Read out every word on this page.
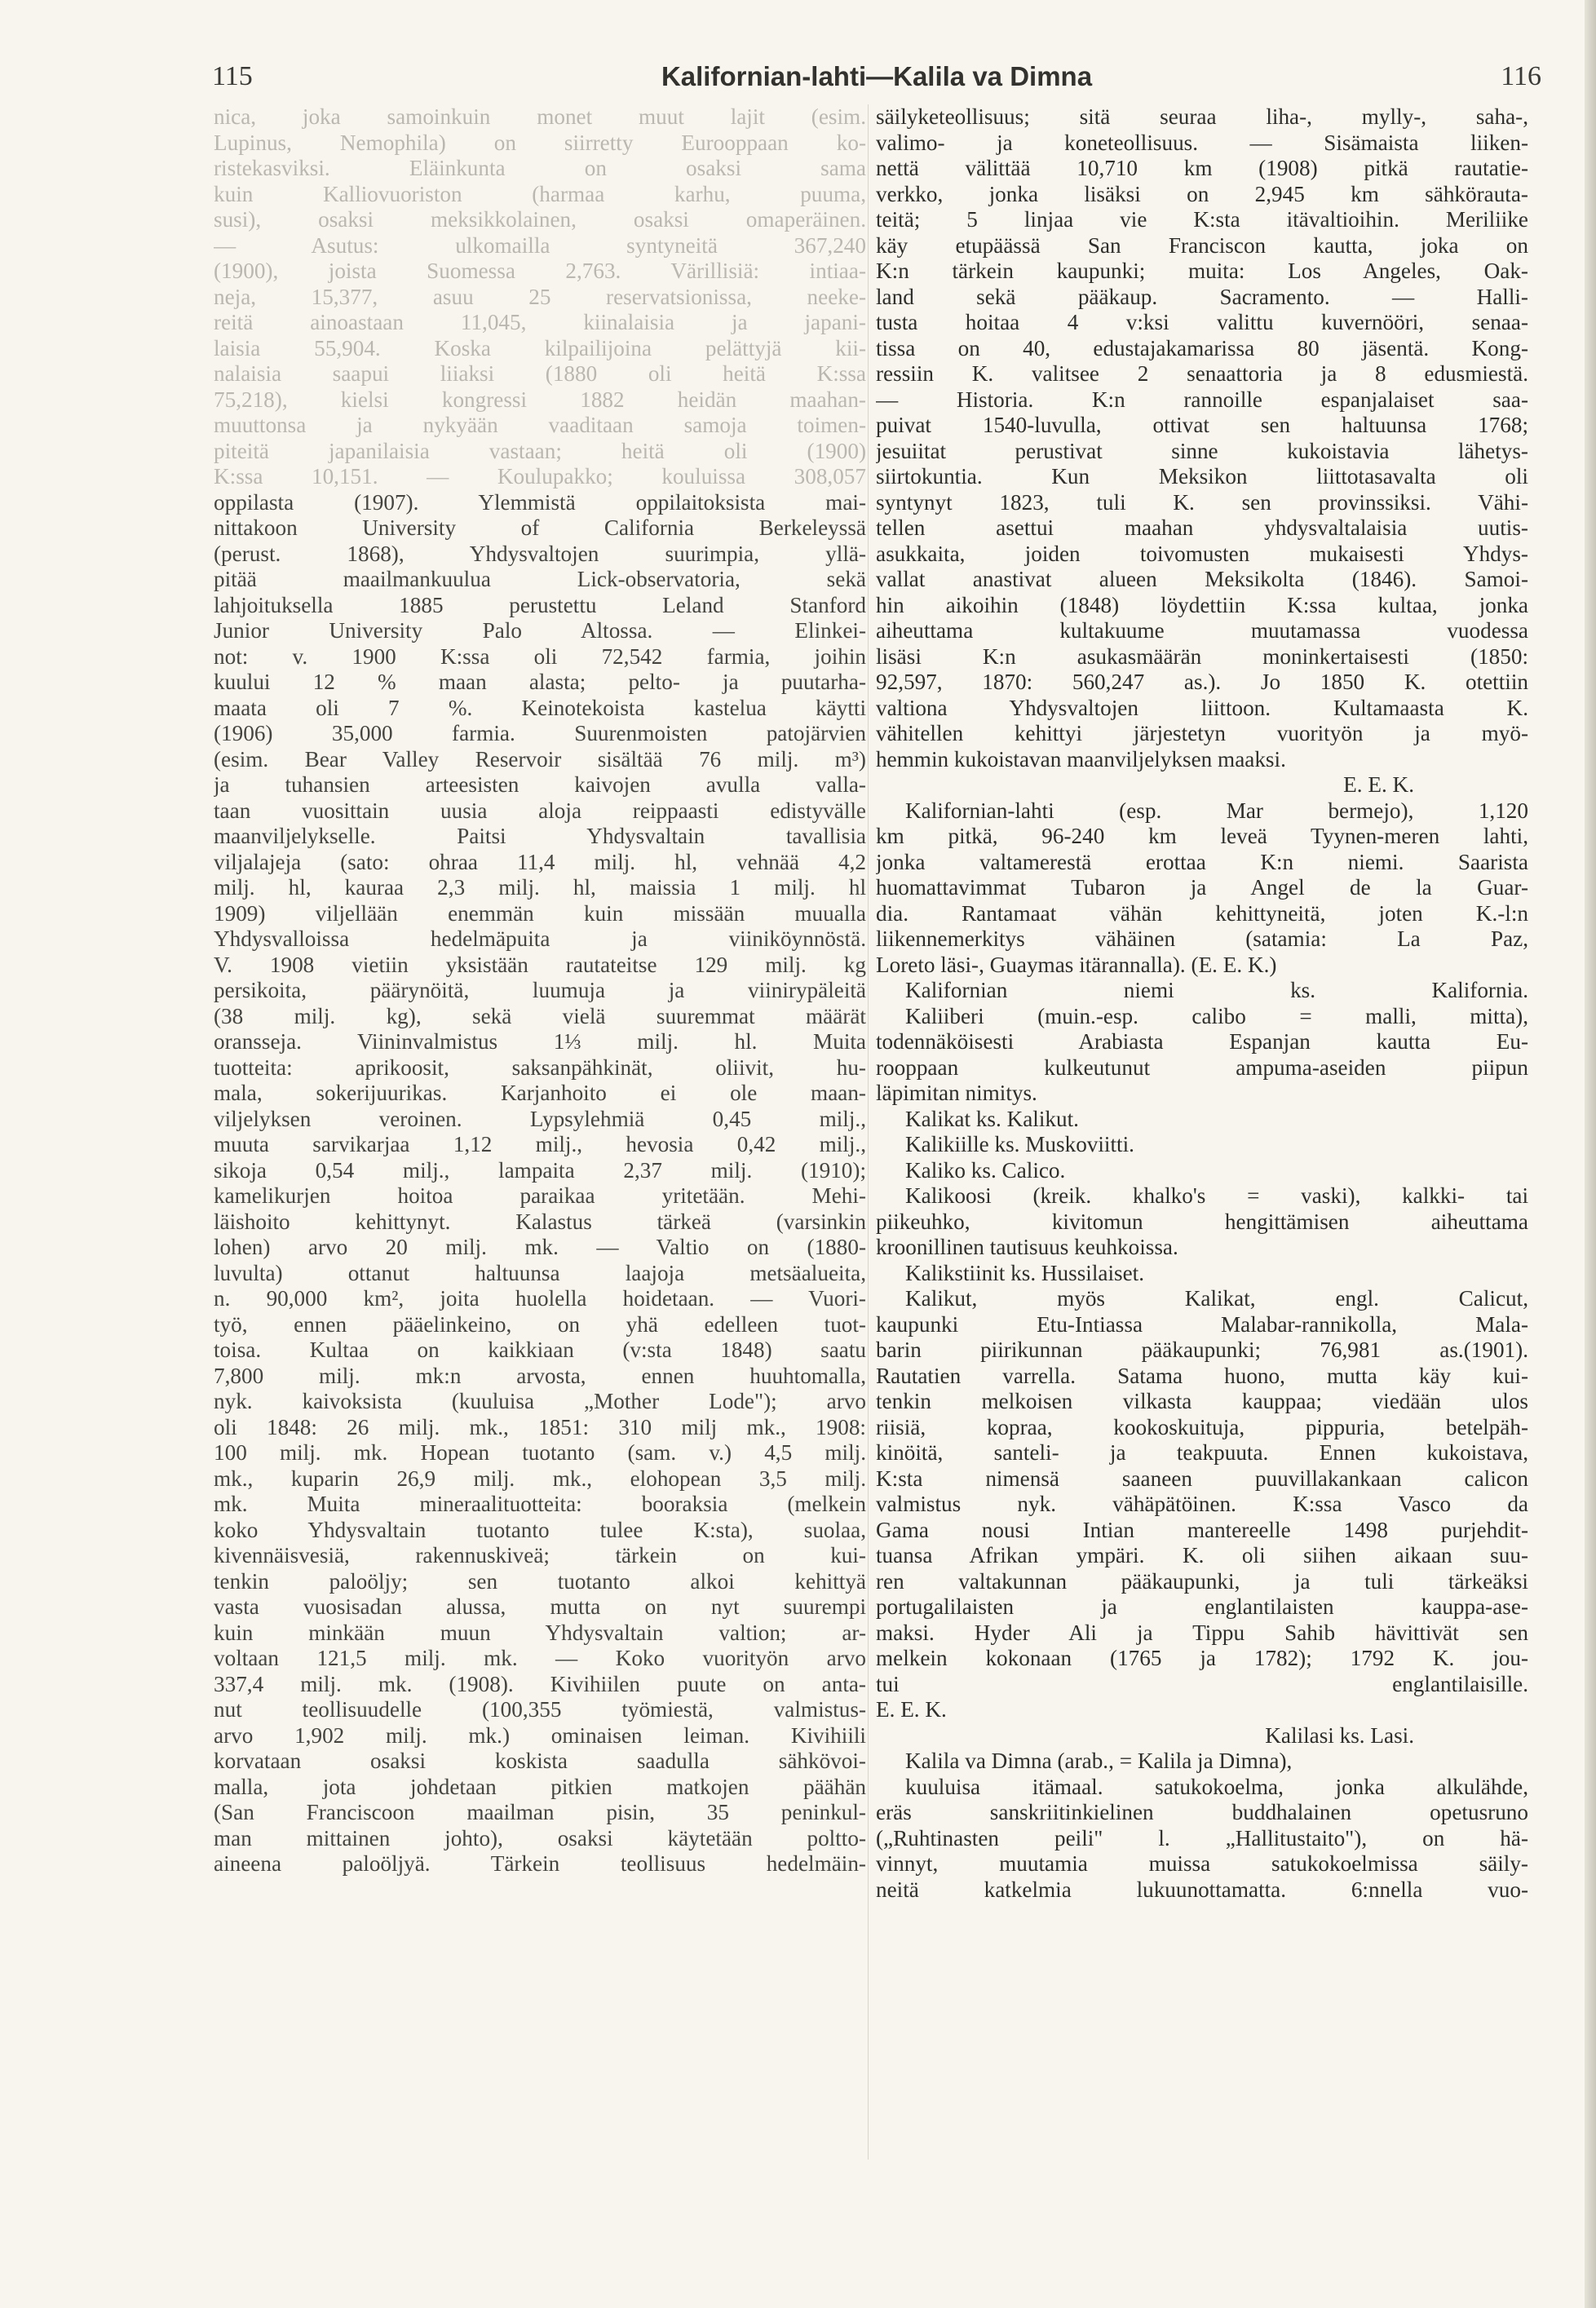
115	Kalifornian-lahti—Kalila va Dimna	116
nica, joka samoinkuin monet muut lajit (esim.
Lupinus, Nemophila) on siirretty Eurooppaan ko-
ristekasviksi. Eläinkunta on osaksi sama
kuin Kalliovuoriston (harmaa karhu, puuma,
susi), osaksi meksikkolainen, osaksi omaperäinen.
— Asutus: ulkomailla syntyneitä 367,240
(1900), joista Suomessa 2,763. Värillisiä: intiaa-
neja, 15,377, asuu 25 reservatsionissa, neeke-
reitä ainoastaan 11,045, kiinalaisia ja japani-
laisia 55,904. Koska kilpailijoina pelättyjä kii-
nalaisia saapui liiaksi (1880 oli heitä K:ssa
75,218), kielsi kongressi 1882 heidän maahan-
muuttonsa ja nykyään vaaditaan samoja toimen-
piteitä japanilaisia vastaan; heitä oli (1900)
K:ssa 10,151. — Koulupakko; kouluissa 308,057
oppilasta (1907). Ylemmistä oppilaitoksista mai-
nittakoon University of California Berkeleyssä
(perust. 1868), Yhdysvaltojen suurimpia, yllä-
pitää maailmankuulua Lick-observatoria, sekä
lahjoituksella 1885 perustettu Leland Stanford
Junior University Palo Altossa. — Elinkei-
not: v. 1900 K:ssa oli 72,542 farmia, joihin
kuului 12 % maan alasta; pelto- ja puutarha-
maata oli 7 %. Keinotekoista kastelua käytti
(1906) 35,000 farmia. Suurenmoisten patojärvien
(esim. Bear Valley Reservoir sisältää 76 milj. m³)
ja tuhansien arteesisten kaivojen avulla valla-
taan vuosittain uusia aloja reippaasti edistyvälle
maanviljelykselle. Paitsi Yhdysvaltain tavallisia
viljalajeja (sato: ohraa 11,4 milj. hl, vehnää 4,2
milj. hl, kauraa 2,3 milj. hl, maissia 1 milj. hl
1909) viljellään enemmän kuin missään muualla
Yhdysvalloissa hedelmäpuita ja viiniköynnöstä.
V. 1908 vietiin yksistään rautateitse 129 milj. kg
persikoita, päärynöitä, luumuja ja viinirypäleitä
(38 milj. kg), sekä vielä suuremmat määrät
oransseja. Viininvalmistus 1⅓ milj. hl. Muita
tuotteita: aprikoosit, saksanpähkinät, oliivit, hu-
mala, sokerijuurikas. Karjanhoito ei ole maan-
viljelyksen veroinen. Lypsylehmiä 0,45 milj.,
muuta sarvikarjaa 1,12 milj., hevosia 0,42 milj.,
sikoja 0,54 milj., lampaita 2,37 milj. (1910);
kamelikurjen hoitoa paraikaa yritetään. Mehi-
läishoito kehittynyt. Kalastus tärkeä (varsinkin
lohen) arvo 20 milj. mk. — Valtio on (1880-
luvulta) ottanut haltuunsa laajoja metsäalueita,
n. 90,000 km², joita huolella hoidetaan. — Vuori-
työ, ennen pääelinkeino, on yhä edelleen tuot-
toisa. Kultaa on kaikkiaan (v:sta 1848) saatu
7,800 milj. mk:n arvosta, ennen huuhtomalla,
nyk. kaivoksista (kuuluisa „Mother Lode"); arvo
oli 1848: 26 milj. mk., 1851: 310 milj mk., 1908:
100 milj. mk. Hopean tuotanto (sam. v.) 4,5 milj.
mk., kuparin 26,9 milj. mk., elohopean 3,5 milj.
mk. Muita mineraalituotteita: booraksia (melkein
koko Yhdysvaltain tuotanto tulee K:sta), suolaa,
kivennäisvesiä, rakennuskiveä; tärkein on kui-
tenkin paloöljy; sen tuotanto alkoi kehittyä
vasta vuosisadan alussa, mutta on nyt suurempi
kuin minkään muun Yhdysvaltain valtion; ar-
voltaan 121,5 milj. mk. — Koko vuorityön arvo
337,4 milj. mk. (1908). Kivihiilen puute on anta-
nut teollisuudelle (100,355 työmiestä, valmistus-
arvo 1,902 milj. mk.) ominaisen leiman. Kivihiili
korvataan osaksi koskista saadulla sähkövoi-
malla, jota johdetaan pitkien matkojen päähän
(San Franciscoon maailman pisin, 35 peninkul-
man mittainen johto), osaksi käytetään poltto-
aineena paloöljyä. Tärkein teollisuus hedelmäin-
säilyketeollisuus; sitä seuraa liha-, mylly-, saha-,
valimo- ja koneteollisuus. — Sisämaista liiken-
nettä välittää 10,710 km (1908) pitkä rautatie-
verkko, jonka lisäksi on 2,945 km sähkörauta-
teitä; 5 linjaa vie K:sta itävaltioihin. Meriliike
käy etupäässä San Franciscon kautta, joka on
K:n tärkein kaupunki; muita: Los Angeles, Oak-
land sekä pääkaup. Sacramento. — Halli-
tusta hoitaa 4 v:ksi valittu kuvernööri, senaa-
tissa on 40, edustajakamarissa 80 jäsentä. Kong-
ressiin K. valitsee 2 senaattoria ja 8 edusmiestä.
— Historia. K:n rannoille espanjalaiset saa-
puivat 1540-luvulla, ottivat sen haltuunsa 1768;
jesuiitat perustivat sinne kukoistavia lähetys-
siirtokuntia. Kun Meksikon liittotasavalta oli
syntynyt 1823, tuli K. sen provinssiksi. Vähi-
tellen asettui maahan yhdysvaltalaisia uutis-
asukkaita, joiden toivomusten mukaisesti Yhdys-
vallat anastivat alueen Meksikolta (1846). Samoi-
hin aikoihin (1848) löydettiin K:ssa kultaa, jonka
aiheuttama kultakuume muutamassa vuodessa
lisäsi K:n asukasmäärän moninkertaisesti (1850:
92,597, 1870: 560,247 as.). Jo 1850 K. otettiin
valtiona Yhdysvaltojen liittoon. Kultamaasta K.
vähitellen kehittyi järjestetyn vuorityön ja myö-
hemmin kukoistavan maanviljelyksen maaksi.
E. E. K.
Kalifornian-lahti (esp. Mar bermejo), 1,120
km pitkä, 96-240 km leveä Tyynen-meren lahti,
jonka valtamerestä erottaa K:n niemi. Saarista
huomattavimmat Tubaron ja Angel de la Guar-
dia. Rantamaat vähän kehittyneitä, joten K.-l:n
liikennemerkitys vähäinen (satamia: La Paz,
Loreto läsi-, Guaymas itärannalla). (E. E. K.)
Kalifornian niemi ks. Kalifornia.
Kaliiberi (muin.-esp. calibo = malli, mitta),
todennäköisesti Arabiasta Espanjan kautta Eu-
rooppaan kulkeutunut ampuma-aseiden piipun
läpimitan nimitys.
Kalikat ks. Kalikut.
Kalikiille ks. Muskoviitti.
Kaliko ks. Calico.
Kalikoosi (kreik. khalko's = vaski), kalkki- tai
piikeuhko, kivitomun hengittämisen aiheuttama
kroonillinen tautisuus keuhkoissa.
Kalikstiinit ks. Hussilaiset.
Kalikut, myös Kalikat, engl. Calicut,
kaupunki Etu-Intiassa Malabar-rannikolla, Mala-
barin piirikunnan pääkaupunki; 76,981 as.(1901).
Rautatien varrella. Satama huono, mutta käy kui-
tenkin melkoisen vilkasta kauppaa; viedään ulos
riisiä, kopraa, kookoskuituja, pippuria, betelpäh-
kinöitä, santeli- ja teakpuuta. Ennen kukoistava,
K:sta nimensä saaneen puuvillakankaan calicon
valmistus nyk. vähäpätöinen. K:ssa Vasco da
Gama nousi Intian mantereelle 1498 purjehdit-
tuansa Afrikan ympäri. K. oli siihen aikaan suu-
ren valtakunnan pääkaupunki, ja tuli tärkeäksi
portugalilaisten ja englantilaisten kauppa-ase-
maksi. Hyder Ali ja Tippu Sahib hävittivät sen
melkein kokonaan (1765 ja 1782); 1792 K. jou-
tui englantilaisille.
E. E. K.
Kalilasi ks. Lasi.
Kalila va Dimna (arab., = Kalila ja Dimna),
kuuluisa itämaal. satukokoelma, jonka alkulähde,
eräs sanskriitinkielinen buddhalainen opetusruno
(„Ruhtinasten peili" l. „Hallitustaito"), on hä-
vinnyt, muutamia muissa satukokoelmissa säily-
neitä katkelmia lukuunottamatta. 6:nnella vuo-
